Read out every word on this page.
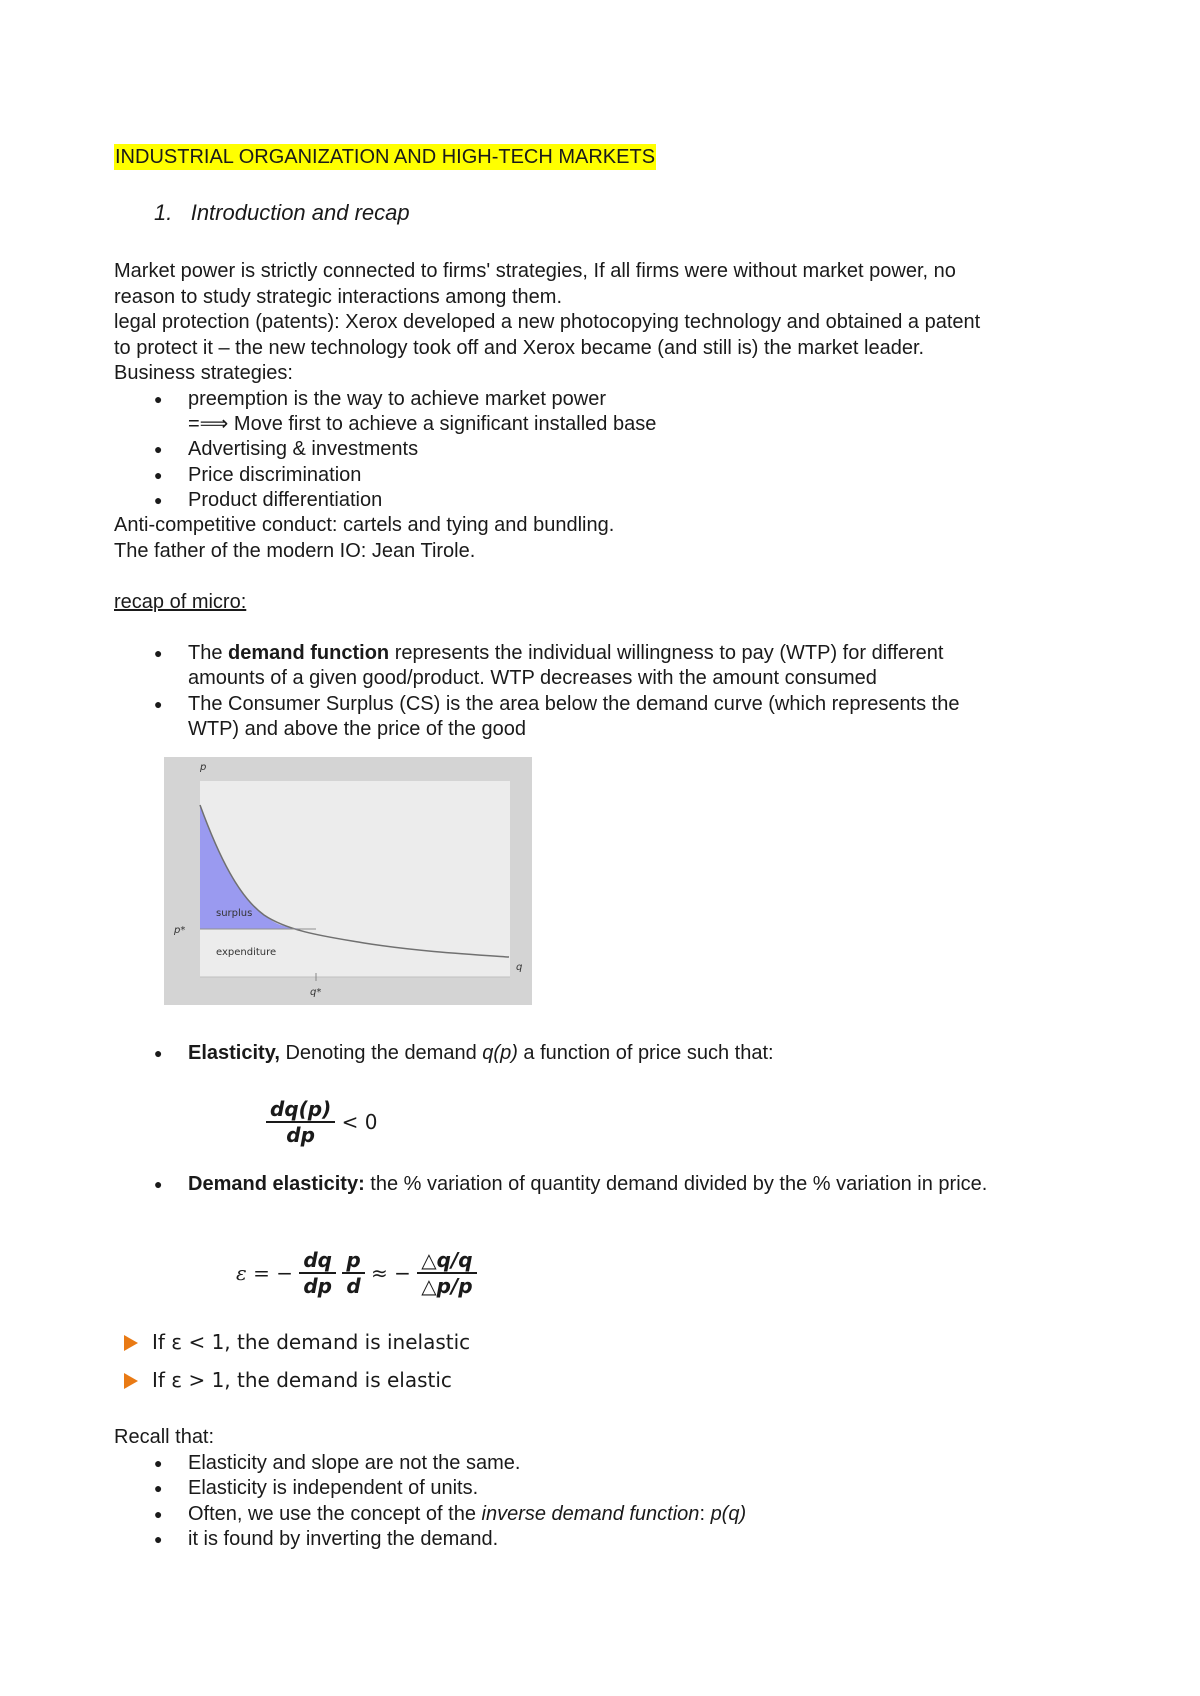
INDUSTRIAL ORGANIZATION AND HIGH-TECH MARKETS
1. Introduction and recap
Market power is strictly connected to firms' strategies, If all firms were without market power, no
reason to study strategic interactions among them.
legal protection (patents): Xerox developed a new photocopying technology and obtained a patent
to protect it – the new technology took off and Xerox became (and still is) the market leader.
Business strategies:
● preemption is the way to achieve market power
=⟹ Move first to achieve a significant installed base
● Advertising & investments
● Price discrimination
● Product differentiation
Anti-competitive conduct: cartels and tying and bundling.
The father of the modern IO: Jean Tirole.
recap of micro:
● The demand function represents the individual willingness to pay (WTP) for different
amounts of a given good/product. WTP decreases with the amount consumed
● The Consumer Surplus (CS) is the area below the demand curve (which represents the
WTP) and above the price of the good
p
p*
q
q*
surplus
expenditure
● Elasticity, Denoting the demand q(p) a function of price such that:
$\frac{dq(p)}{dp} < 0$
● Demand elasticity: the % variation of quantity demand divided by the % variation in price.
ε = − $\frac{dq}{dp}$
$\frac{p}{d}$ ≈ − $\frac{\triangle q/q}{\triangle p/p}$
If ε < 1, the demand is inelastic
If ε > 1, the demand is elastic
Recall that:
● Elasticity and slope are not the same.
● Elasticity is independent of units.
● Often, we use the concept of the inverse demand function: p(q)
● it is found by inverting the demand.
